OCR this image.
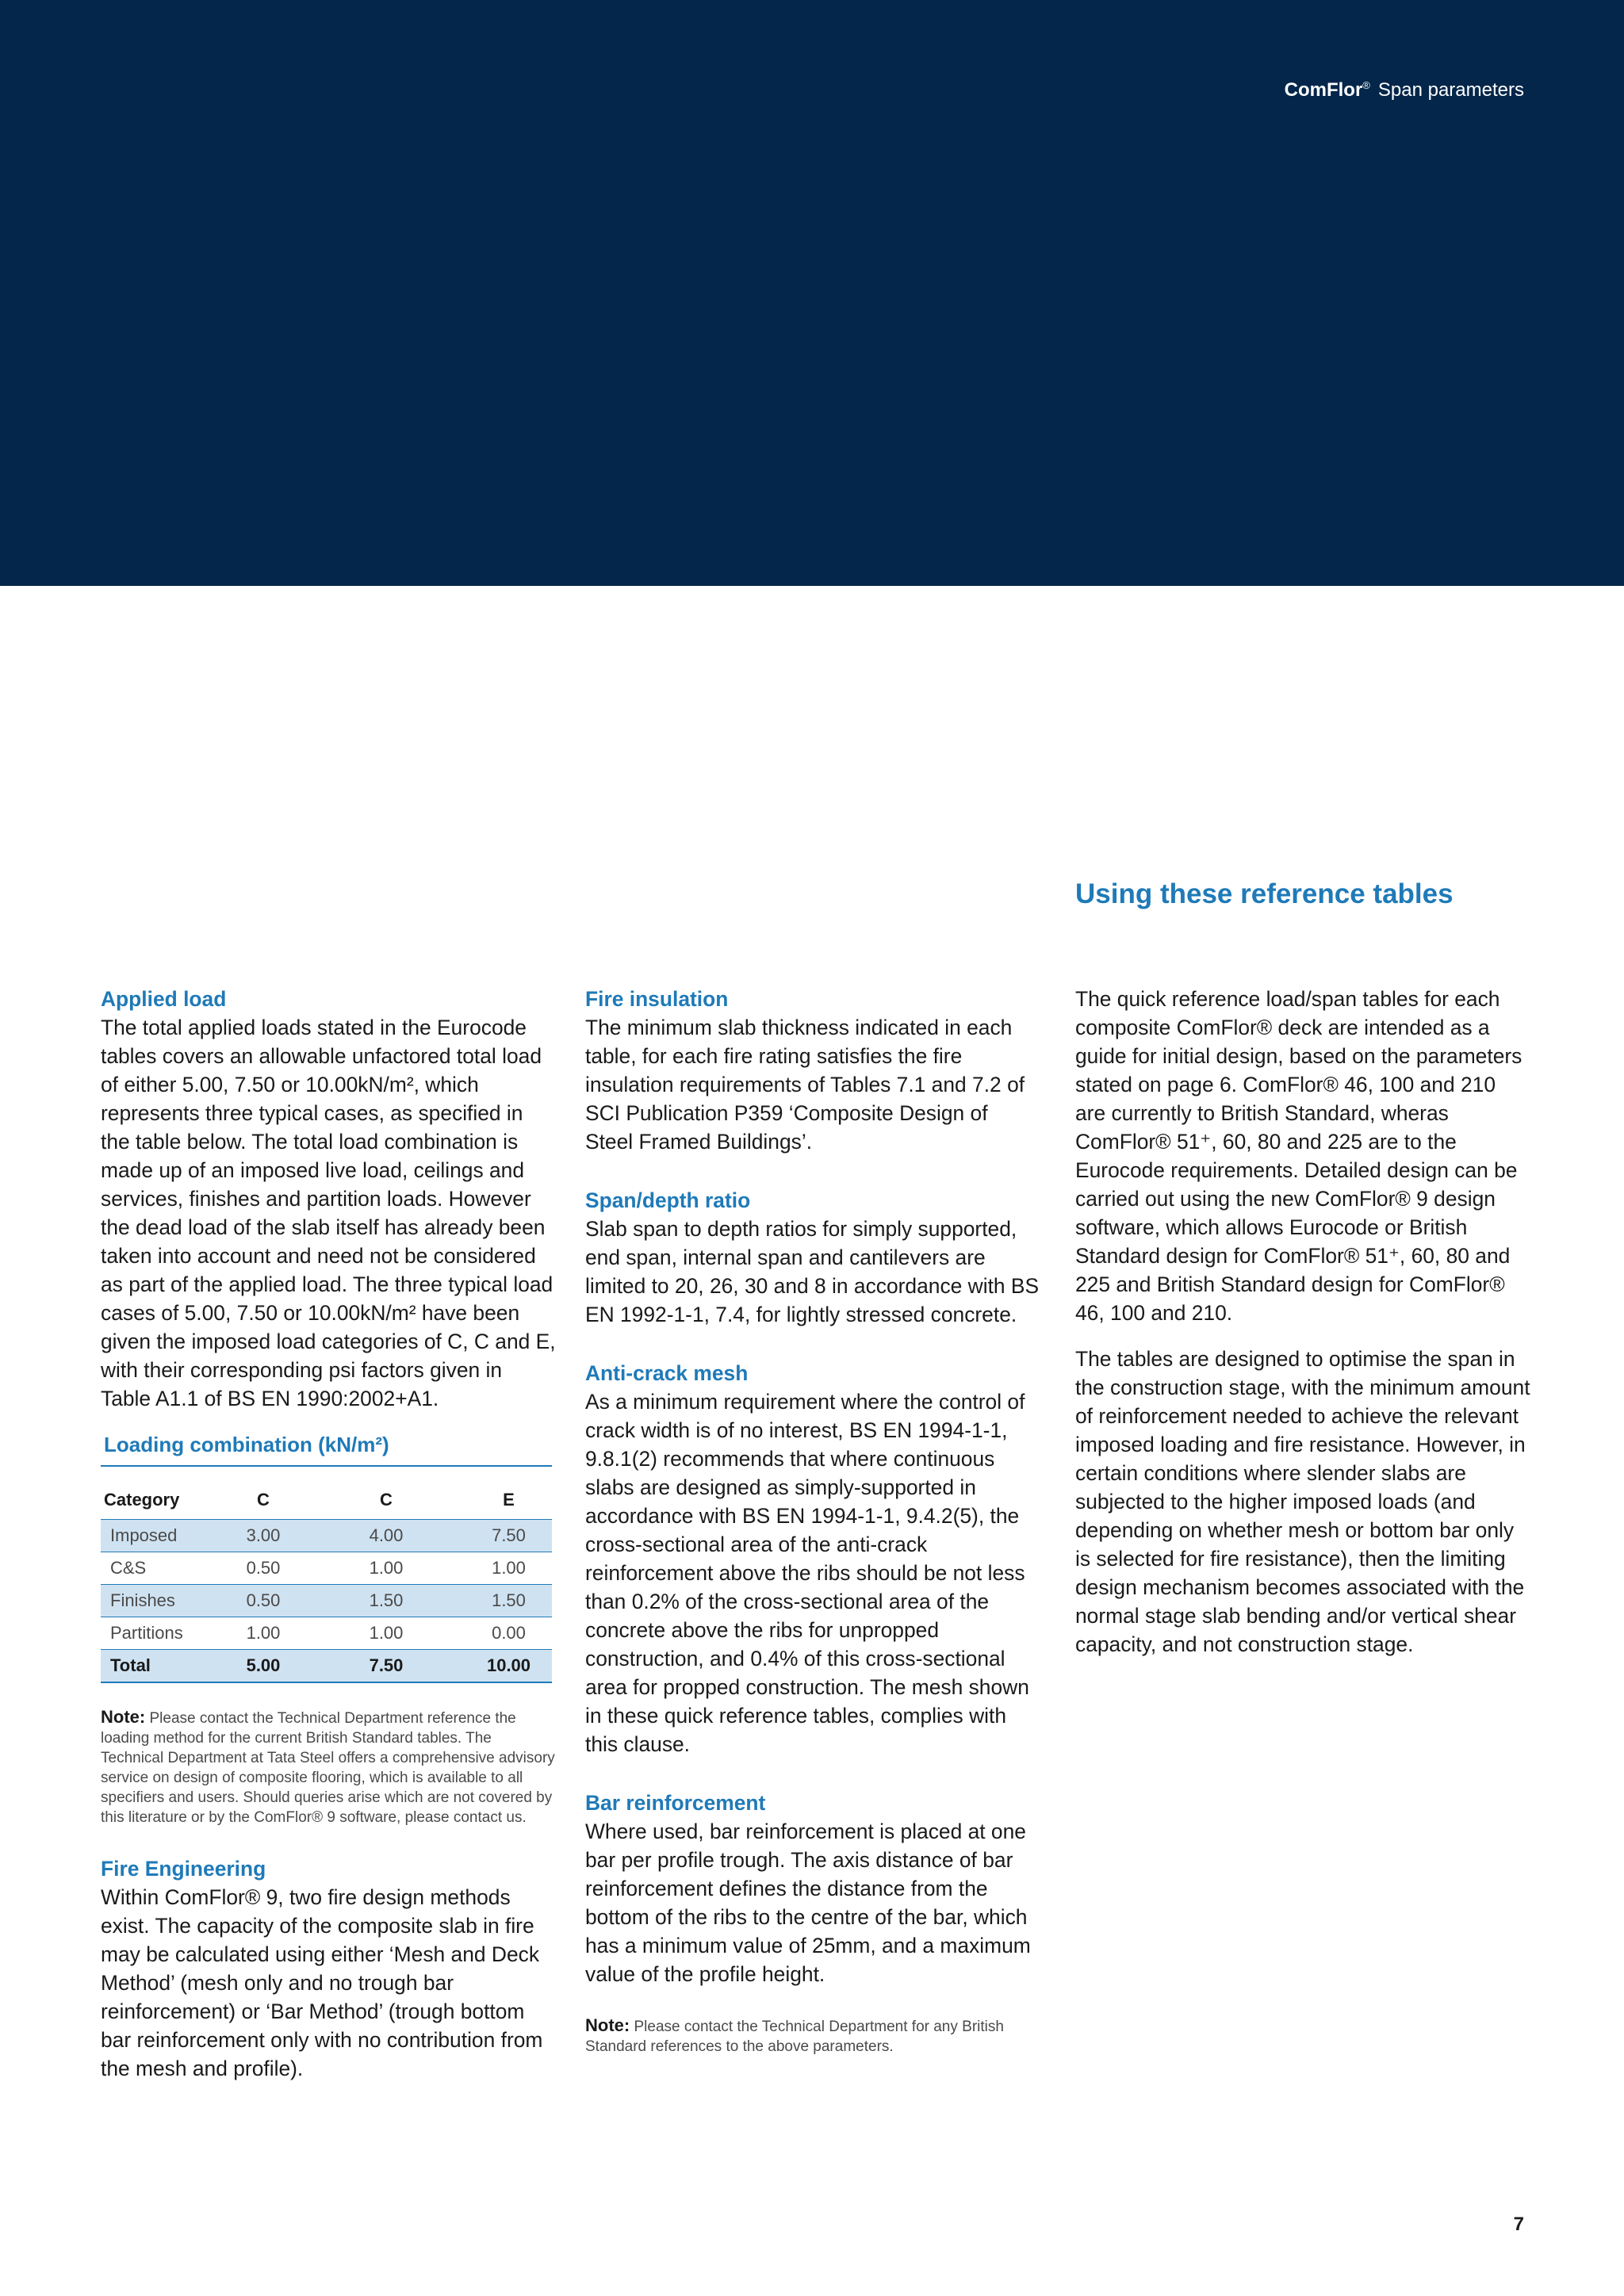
ComFlor® Span parameters
Using these reference tables
Applied load
The total applied loads stated in the Eurocode tables covers an allowable unfactored total load of either 5.00, 7.50 or 10.00kN/m², which represents three typical cases, as specified in the table below. The total load combination is made up of an imposed live load, ceilings and services, finishes and partition loads. However the dead load of the slab itself has already been taken into account and need not be considered as part of the applied load. The three typical load cases of 5.00, 7.50 or 10.00kN/m² have been given the imposed load categories of C, C and E, with their corresponding psi factors given in Table A1.1 of BS EN 1990:2002+A1.
Loading combination (kN/m²)
Category	C	C	E
Imposed	3.00	4.00	7.50
C&S	0.50	1.00	1.00
Finishes	0.50	1.50	1.50
Partitions	1.00	1.00	0.00
Total	5.00	7.50	10.00
Note: Please contact the Technical Department reference the loading method for the current British Standard tables. The Technical Department at Tata Steel offers a comprehensive advisory service on design of composite flooring, which is available to all specifiers and users. Should queries arise which are not covered by this literature or by the ComFlor® 9 software, please contact us.
Fire Engineering
Within ComFlor® 9, two fire design methods exist. The capacity of the composite slab in fire may be calculated using either ‘Mesh and Deck Method’ (mesh only and no trough bar reinforcement) or ‘Bar Method’ (trough bottom bar reinforcement only with no contribution from the mesh and profile).
Fire insulation
The minimum slab thickness indicated in each table, for each fire rating satisfies the fire insulation requirements of Tables 7.1 and 7.2 of SCI Publication P359 ‘Composite Design of Steel Framed Buildings’.
Span/depth ratio
Slab span to depth ratios for simply supported, end span, internal span and cantilevers are limited to 20, 26, 30 and 8 in accordance with BS EN 1992-1-1, 7.4, for lightly stressed concrete.
Anti-crack mesh
As a minimum requirement where the control of crack width is of no interest, BS EN 1994-1-1, 9.8.1(2) recommends that where continuous slabs are designed as simply-supported in accordance with BS EN 1994-1-1, 9.4.2(5), the cross-sectional area of the anti-crack reinforcement above the ribs should be not less than 0.2% of the cross-sectional area of the concrete above the ribs for unpropped construction, and 0.4% of this cross-sectional area for propped construction. The mesh shown in these quick reference tables, complies with this clause.
Bar reinforcement
Where used, bar reinforcement is placed at one bar per profile trough. The axis distance of bar reinforcement defines the distance from the bottom of the ribs to the centre of the bar, which has a minimum value of 25mm, and a maximum value of the profile height.
Note: Please contact the Technical Department for any British Standard references to the above parameters.
The quick reference load/span tables for each composite ComFlor® deck are intended as a guide for initial design, based on the parameters stated on page 6. ComFlor® 46, 100 and 210 are currently to British Standard, wheras ComFlor® 51⁺, 60, 80 and 225 are to the Eurocode requirements. Detailed design can be carried out using the new ComFlor® 9 design software, which allows Eurocode or British Standard design for ComFlor® 51⁺, 60, 80 and 225 and British Standard design for ComFlor® 46, 100 and 210.
The tables are designed to optimise the span in the construction stage, with the minimum amount of reinforcement needed to achieve the relevant imposed loading and fire resistance. However, in certain conditions where slender slabs are subjected to the higher imposed loads (and depending on whether mesh or bottom bar only is selected for fire resistance), then the limiting design mechanism becomes associated with the normal stage slab bending and/or vertical shear capacity, and not construction stage.
7
